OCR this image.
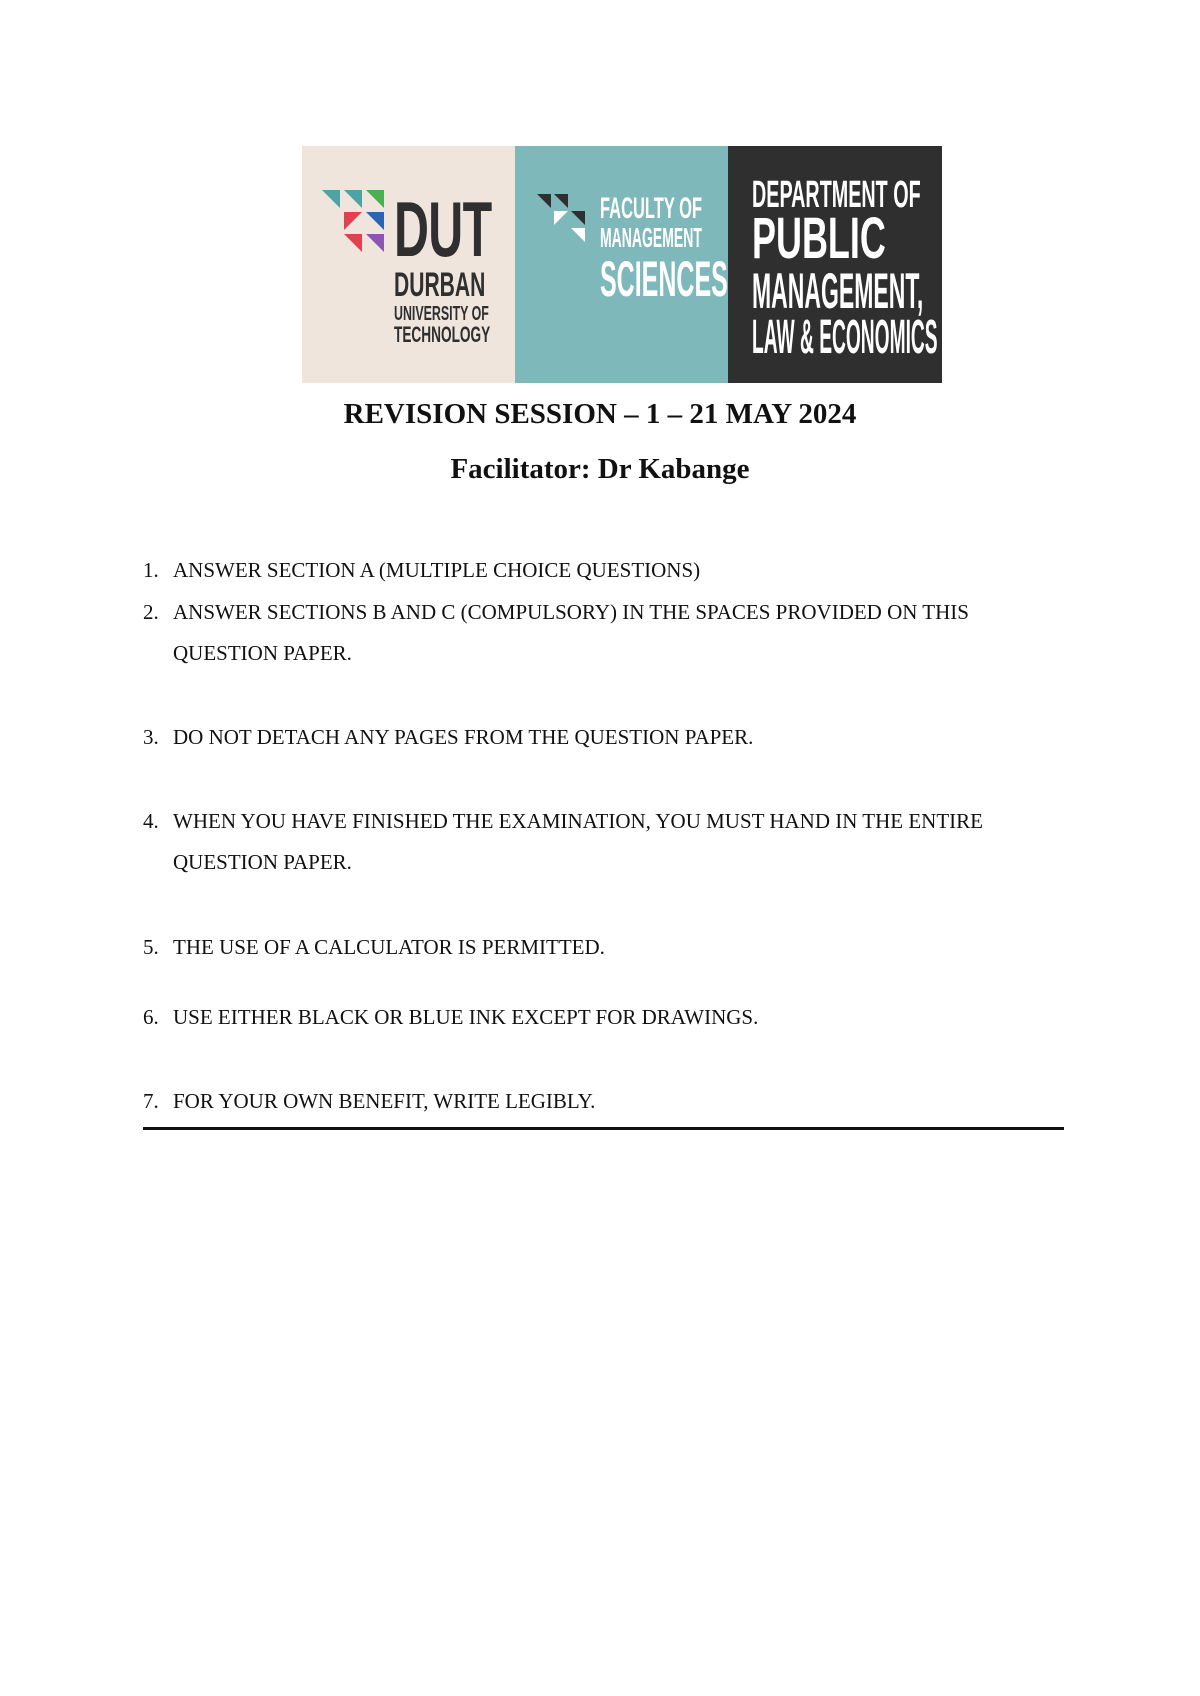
DUT
DURBAN
UNIVERSITY OF
TECHNOLOGY
FACULTY OF
MANAGEMENT
SCIENCES
DEPARTMENT OF
PUBLIC
MANAGEMENT,
LAW & ECONOMICS
REVISION SESSION – 1 – 21 MAY 2024
Facilitator: Dr Kabange
1. ANSWER SECTION A (MULTIPLE CHOICE QUESTIONS)
2. ANSWER SECTIONS B AND C (COMPULSORY) IN THE SPACES PROVIDED ON THIS QUESTION PAPER.
3. DO NOT DETACH ANY PAGES FROM THE QUESTION PAPER.
4. WHEN YOU HAVE FINISHED THE EXAMINATION, YOU MUST HAND IN THE ENTIRE QUESTION PAPER.
5. THE USE OF A CALCULATOR IS PERMITTED.
6. USE EITHER BLACK OR BLUE INK EXCEPT FOR DRAWINGS.
7. FOR YOUR OWN BENEFIT, WRITE LEGIBLY.
